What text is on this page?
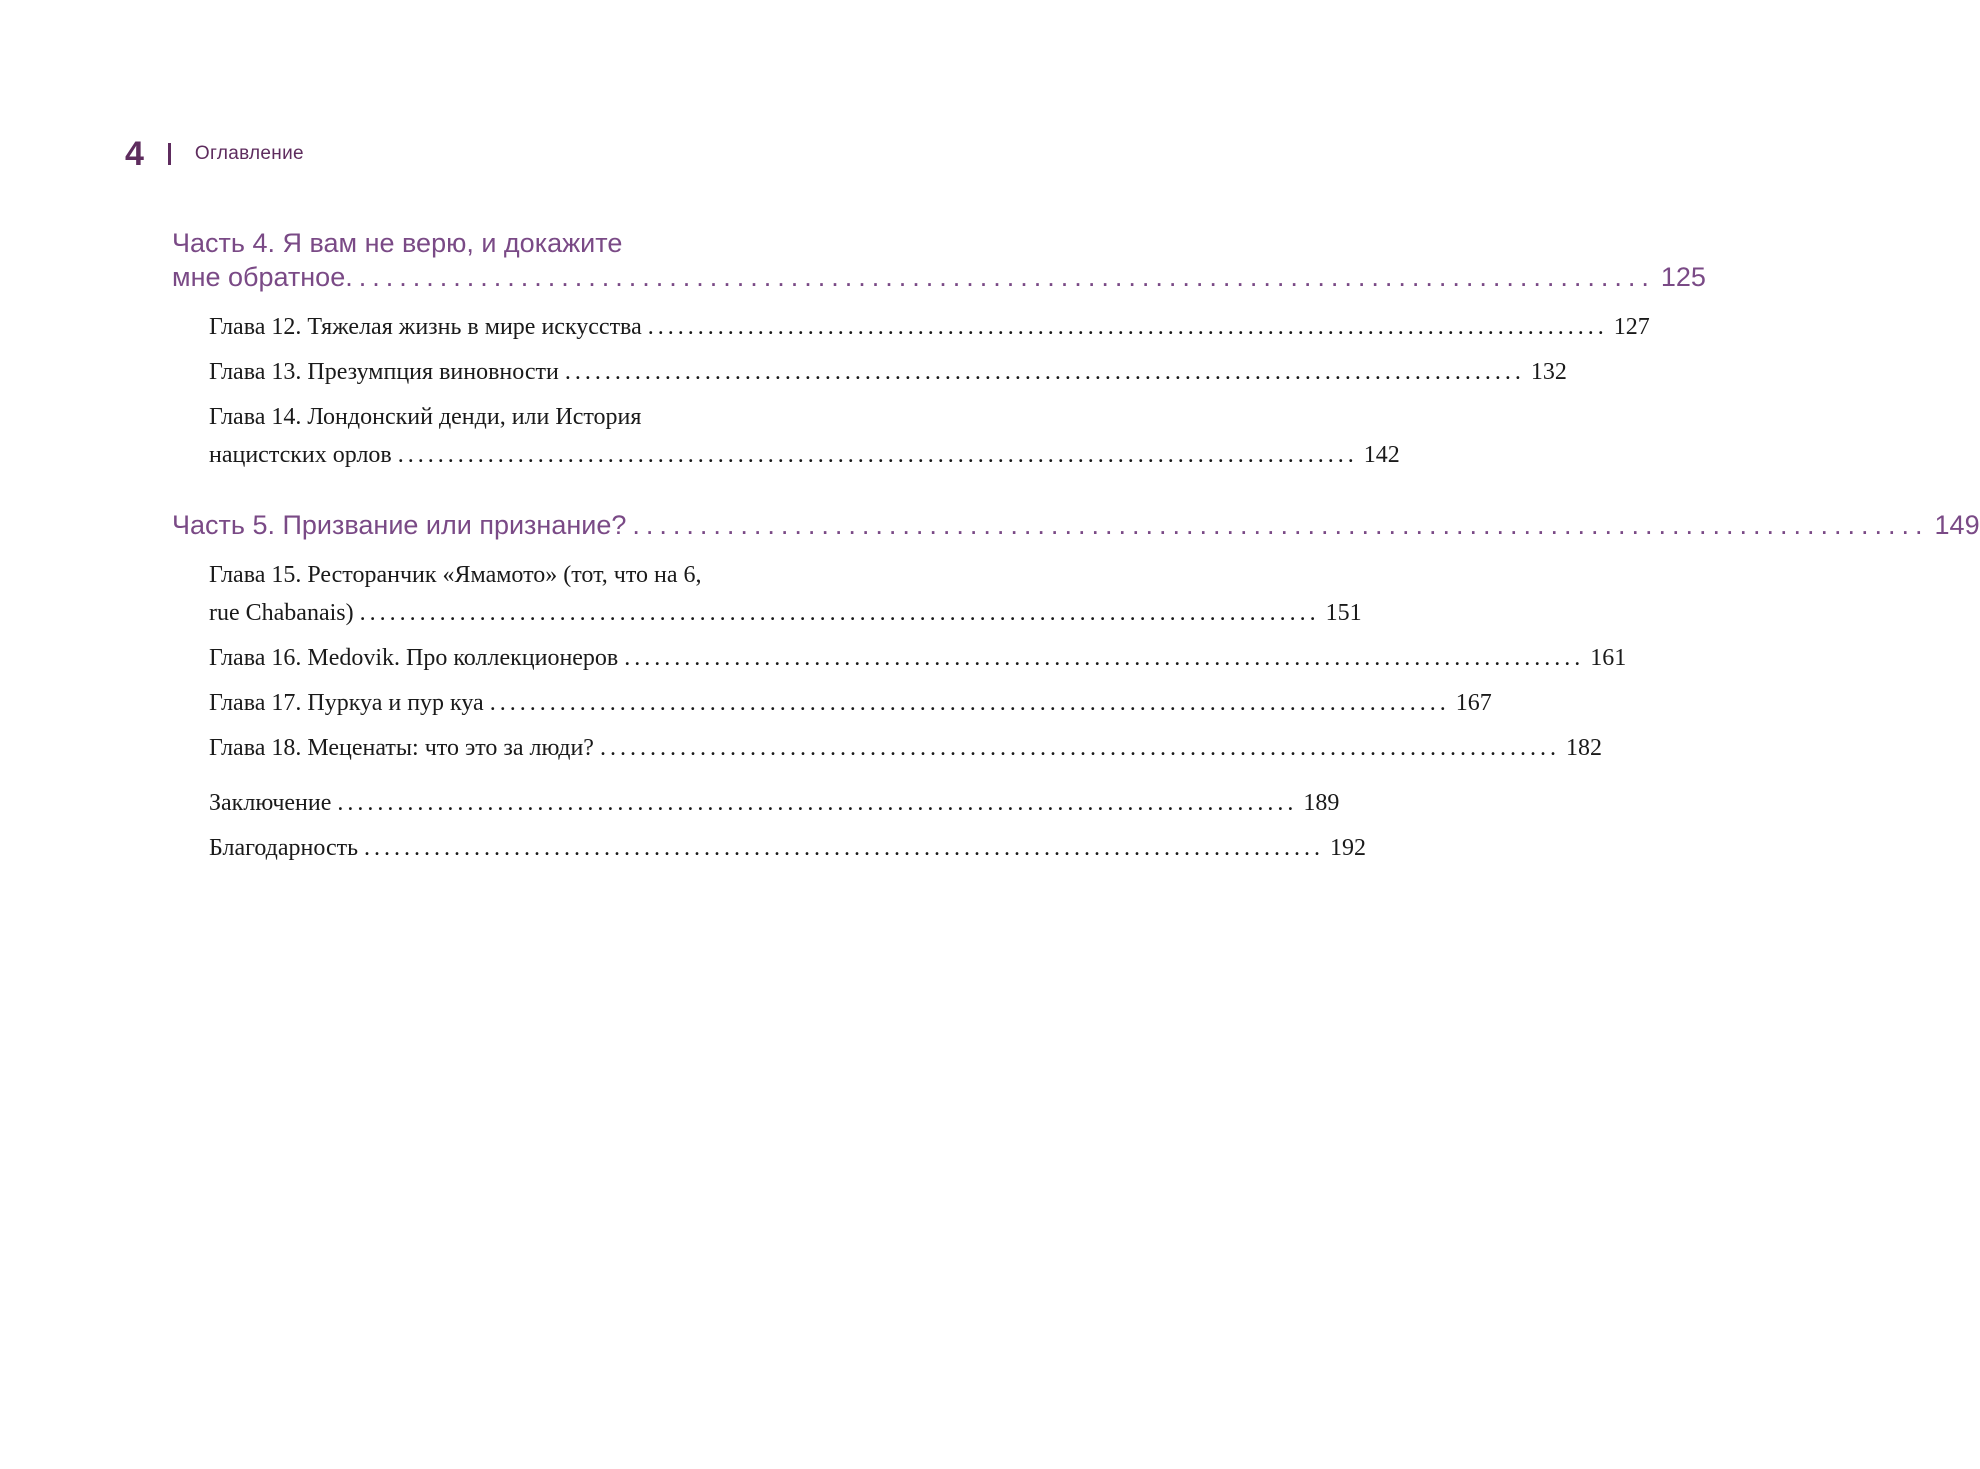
4	Оглавление
Часть 4. Я вам не верю, и докажите
мне обратное. ................................................................................................ 125
Глава 12. Тяжелая жизнь в мире искусства ................................................................................................ 127
Глава 13. Презумпция виновности ................................................................................................ 132
Глава 14. Лондонский денди, или История
нацистских орлов ................................................................................................ 142
Часть 5. Призвание или признание? ................................................................................................ 149
Глава 15. Ресторанчик «Ямамото» (тот, что на 6,
rue Chabanais) ................................................................................................ 151
Глава 16. Medovik. Про коллекционеров ................................................................................................ 161
Глава 17. Пуркуа и пур куа ................................................................................................ 167
Глава 18. Меценаты: что это за люди? ................................................................................................ 182
Заключение ................................................................................................ 189
Благодарность ................................................................................................ 192
